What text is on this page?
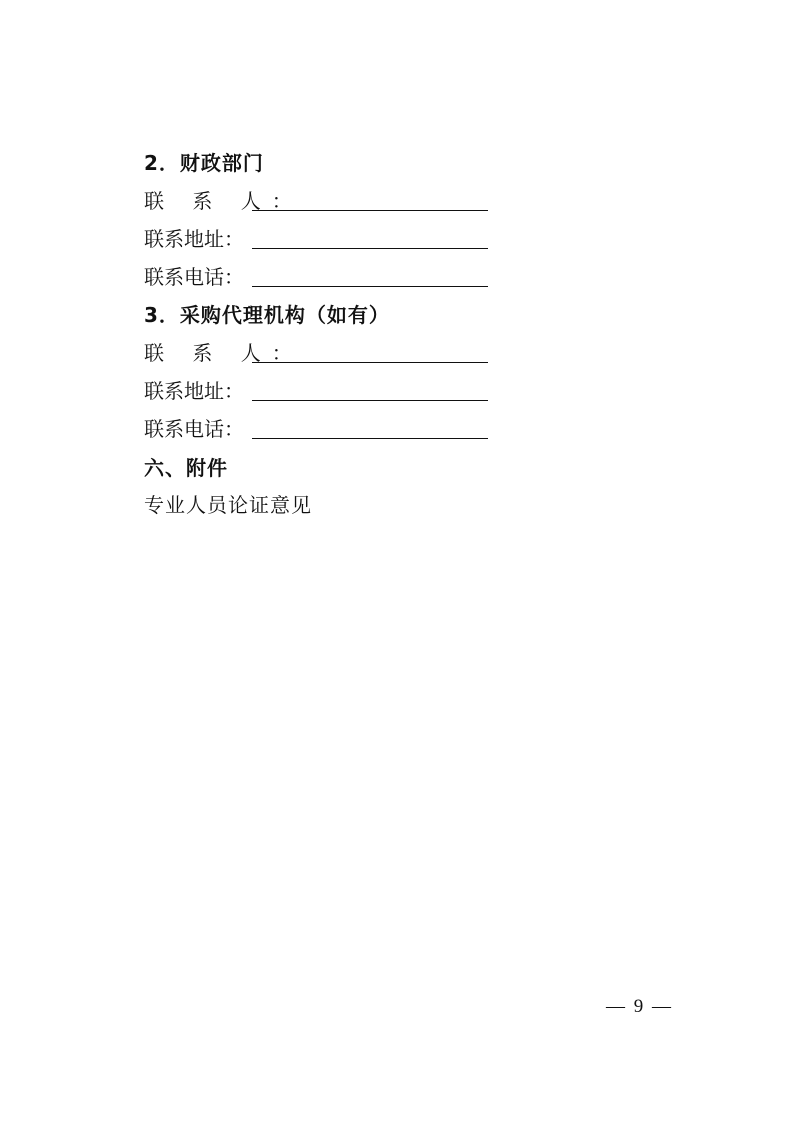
2．财政部门
联 系 人：
联系地址：
联系电话：
3．采购代理机构（如有）
联 系 人：
联系地址：
联系电话：
六、附件
专业人员论证意见
— 9 —
